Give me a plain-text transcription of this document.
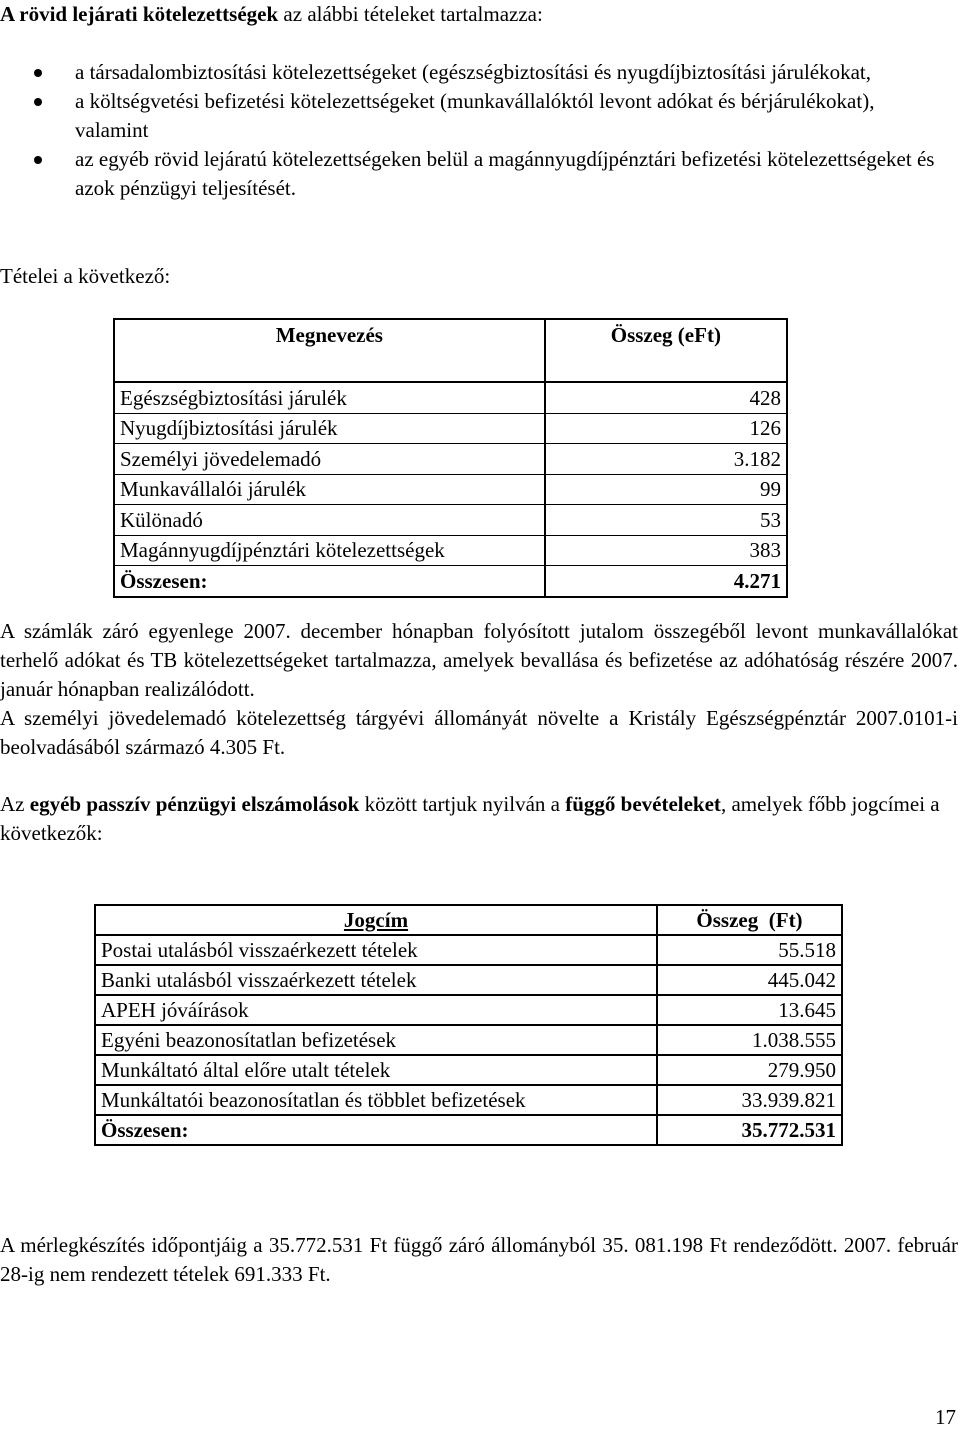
A rövid lejárati kötelezettségek az alábbi tételeket tartalmazza:

a társadalombiztosítási kötelezettségeket (egészségbiztosítási és nyugdíjbiztosítási járulékokat,
a költségvetési befizetési kötelezettségeket (munkavállalóktól levont adókat és bérjárulékokat), valamint
az egyéb rövid lejáratú kötelezettségeken belül a magánnyugdíjpénztári befizetési kötelezettségeket és azok pénzügyi teljesítését.

Tételei a következő:

Megnevezés	Összeg (eFt)

Egészségbiztosítási járulék	428
Nyugdíjbiztosítási járulék	126
Személyi jövedelemadó	3.182
Munkavállalói járulék	99
Különadó	53
Magánnyugdíjpénztári kötelezettségek	383
Összesen:	4.271

A számlák záró egyenlege 2007. december hónapban folyósított jutalom összegéből levont munkavállalókat terhelő adókat és TB kötelezettségeket tartalmazza, amelyek bevallása és befizetése az adóhatóság részére 2007. január hónapban realizálódott.

A személyi jövedelemadó kötelezettség tárgyévi állományát növelte a Kristály Egészségpénztár 2007.0101-i beolvadásából származó 4.305 Ft.

Az egyéb passzív pénzügyi elszámolások között tartjuk nyilván a függő bevételeket, amelyek főbb jogcímei a következők:

Jogcím	Összeg  (Ft)
Postai utalásból visszaérkezett tételek	55.518
Banki utalásból visszaérkezett tételek	445.042
APEH jóváírások	13.645
Egyéni beazonosítatlan befizetések	1.038.555
Munkáltató által előre utalt tételek	279.950
Munkáltatói beazonosítatlan és többlet befizetések	33.939.821
Összesen:	35.772.531

A mérlegkészítés időpontjáig a 35.772.531 Ft függő záró állományból 35. 081.198 Ft rendeződött. 2007. február 28-ig nem rendezett tételek 691.333 Ft.

17
